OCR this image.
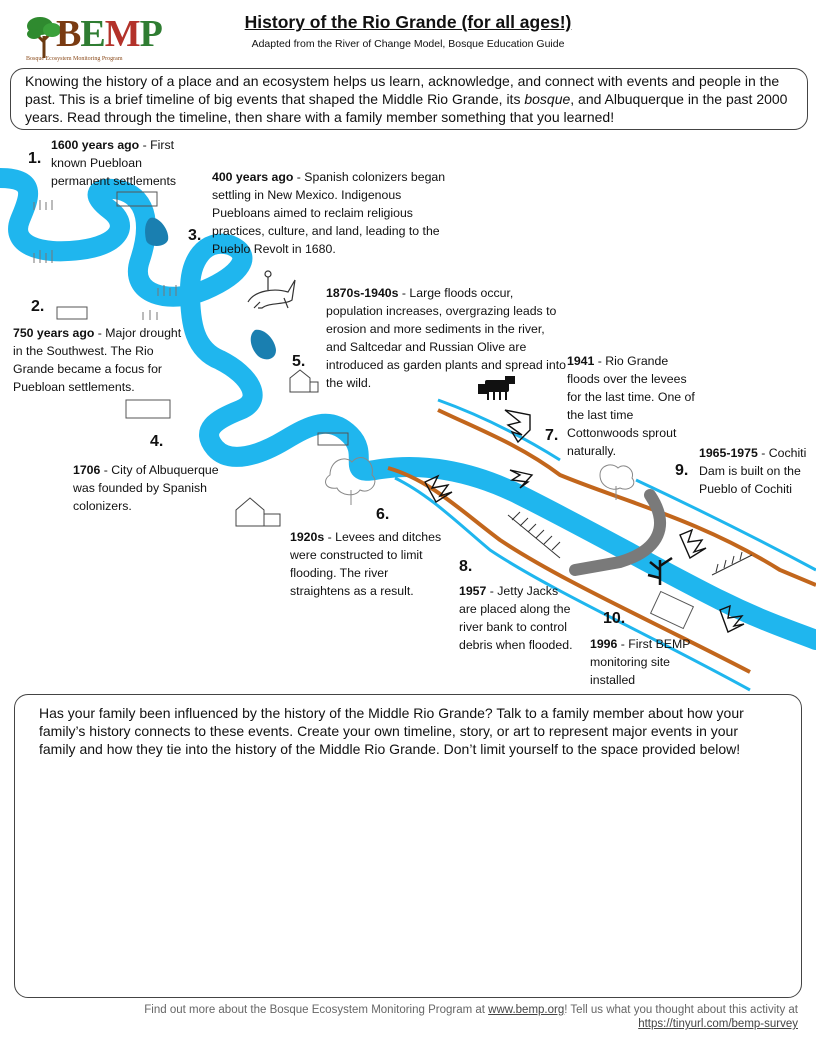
BEMP
Bosque Ecosystem Monitoring Program
History of the Rio Grande (for all ages!)
Adapted from the River of Change Model, Bosque Education Guide
Knowing the history of a place and an ecosystem helps us learn, acknowledge, and connect with events and people in the past. This is a brief timeline of big events that shaped the Middle Rio Grande, its bosque, and Albuquerque in the past 2000 years. Read through the timeline, then share with a family member something that you learned!
1.
2.
3.
4.
5.
6.
7.
8.
9.
10.
1600 years ago - First known Puebloan permanent settlements
750 years ago - Major drought in the Southwest. The Rio Grande became a focus for Puebloan settlements.
400 years ago - Spanish colonizers began settling in New Mexico. Indigenous Puebloans aimed to reclaim religious practices, culture, and land, leading to the Pueblo Revolt in 1680.
1706 - City of Albuquerque was founded by Spanish colonizers.
1870s-1940s - Large floods occur, population increases, overgrazing leads to erosion and more sediments in the river, and Saltcedar and Russian Olive are introduced as garden plants and spread into the wild.
1920s - Levees and ditches were constructed to limit flooding. The river straightens as a result.
1941 - Rio Grande floods over the levees for the last time. One of the last time Cottonwoods sprout naturally.
1957 - Jetty Jacks are placed along the river bank to control debris when flooded.
1965-1975 - Cochiti Dam is built on the Pueblo of Cochiti
1996 - First BEMP monitoring site installed
Has your family been influenced by the history of the Middle Rio Grande? Talk to a family member about how your family’s history connects to these events. Create your own timeline, story, or art to represent major events in your family and how they tie into the history of the Middle Rio Grande. Don’t limit yourself to the space provided below!
Find out more about the Bosque Ecosystem Monitoring Program at www.bemp.org! Tell us what you thought about this activity at
https://tinyurl.com/bemp-survey
